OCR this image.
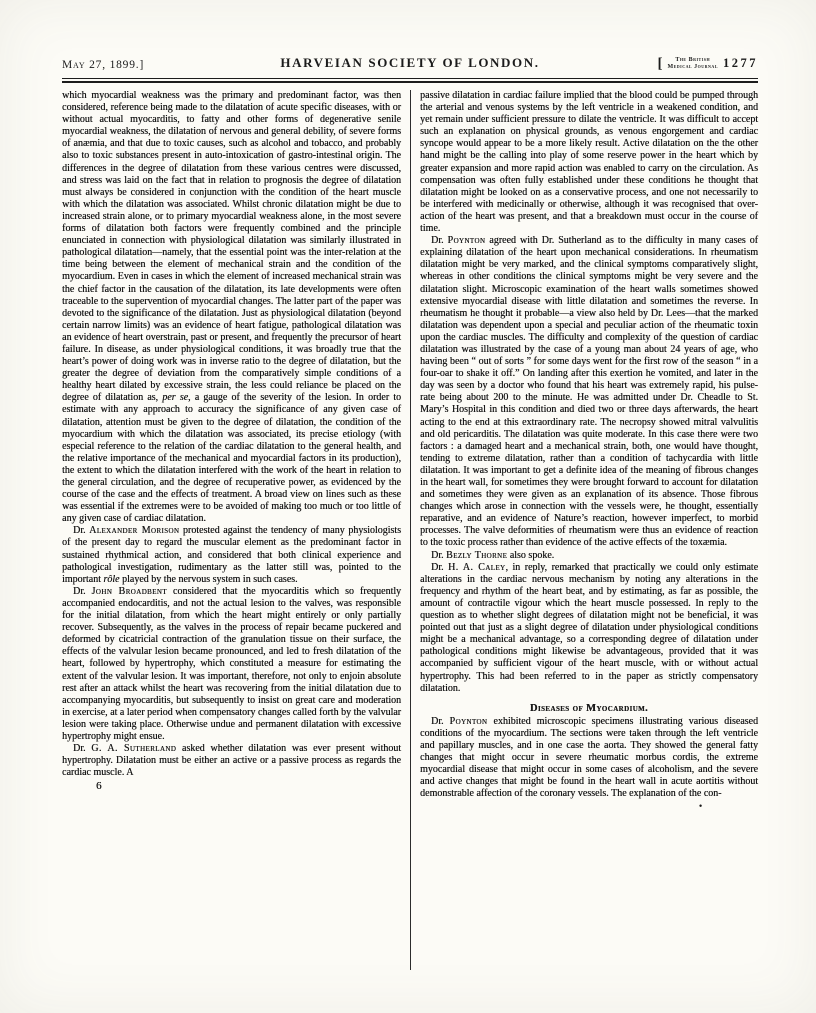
May 27, 1899.]	HARVEIAN SOCIETY OF LONDON.	[	The British
Medical Journal 1277

which myocardial weakness was the primary and predominant factor, was then considered, reference being made to the dilatation of acute specific diseases, with or without actual myocarditis, to fatty and other forms of degenerative senile myocardial weakness, the dilatation of nervous and general debility, of severe forms of anæmia, and that due to toxic causes, such as alcohol and tobacco, and probably also to toxic substances present in auto-intoxication of gastro-intestinal origin. The differences in the degree of dilatation from these various centres were discussed, and stress was laid on the fact that in relation to prognosis the degree of dilatation must always be considered in conjunction with the condition of the heart muscle with which the dilatation was associated. Whilst chronic dilatation might be due to increased strain alone, or to primary myocardial weakness alone, in the most severe forms of dilatation both factors were frequently combined and the principle enunciated in connection with physiological dilatation was similarly illustrated in pathological dilatation—namely, that the essential point was the inter-relation at the time being between the element of mechanical strain and the condition of the myocardium. Even in cases in which the element of increased mechanical strain was the chief factor in the causation of the dilatation, its late developments were often traceable to the supervention of myocardial changes. The latter part of the paper was devoted to the significance of the dilatation. Just as physiological dilatation (beyond certain narrow limits) was an evidence of heart fatigue, pathological dilatation was an evidence of heart overstrain, past or present, and frequently the precursor of heart failure. In disease, as under physiological conditions, it was broadly true that the heart’s power of doing work was in inverse ratio to the degree of dilatation, but the greater the degree of deviation from the comparatively simple conditions of a healthy heart dilated by excessive strain, the less could reliance be placed on the degree of dilatation as, per se, a gauge of the severity of the lesion. In order to estimate with any approach to accuracy the significance of any given case of dilatation, attention must be given to the degree of dilatation, the condition of the myocardium with which the dilatation was associated, its precise etiology (with especial reference to the relation of the cardiac dilatation to the general health, and the relative importance of the mechanical and myocardial factors in its production), the extent to which the dilatation interfered with the work of the heart in relation to the general circulation, and the degree of recuperative power, as evidenced by the course of the case and the effects of treatment. A broad view on lines such as these was essential if the extremes were to be avoided of making too much or too little of any given case of cardiac dilatation.

Dr. Alexander Morison protested against the tendency of many physiologists of the present day to regard the muscular element as the predominant factor in sustained rhythmical action, and considered that both clinical experience and pathological investigation, rudimentary as the latter still was, pointed to the important rôle played by the nervous system in such cases.

Dr. John Broadbent considered that the myocarditis which so frequently accompanied endocarditis, and not the actual lesion to the valves, was responsible for the initial dilatation, from which the heart might entirely or only partially recover. Subsequently, as the valves in the process of repair became puckered and deformed by cicatricial contraction of the granulation tissue on their surface, the effects of the valvular lesion became pronounced, and led to fresh dilatation of the heart, followed by hypertrophy, which constituted a measure for estimating the extent of the valvular lesion. It was important, therefore, not only to enjoin absolute rest after an attack whilst the heart was recovering from the initial dilatation due to accompanying myocarditis, but subsequently to insist on great care and moderation in exercise, at a later period when compensatory changes called forth by the valvular lesion were taking place. Otherwise undue and permanent dilatation with excessive hypertrophy might ensue.

Dr. G. A. Sutherland asked whether dilatation was ever present without hypertrophy. Dilatation must be either an active or a passive process as regards the cardiac muscle. A

6

passive dilatation in cardiac failure implied that the blood could be pumped through the arterial and venous systems by the left ventricle in a weakened condition, and yet remain under sufficient pressure to dilate the ventricle. It was difficult to accept such an explanation on physical grounds, as venous engorgement and cardiac syncope would appear to be a more likely result. Active dilatation on the the other hand might be the calling into play of some reserve power in the heart which by greater expansion and more rapid action was enabled to carry on the circulation. As compensation was often fully established under these conditions he thought that dilatation might be looked on as a conservative process, and one not necessarily to be interfered with medicinally or otherwise, although it was recognised that over-action of the heart was present, and that a breakdown must occur in the course of time.

Dr. Poynton agreed with Dr. Sutherland as to the difficulty in many cases of explaining dilatation of the heart upon mechanical considerations. In rheumatism dilatation might be very marked, and the clinical symptoms comparatively slight, whereas in other conditions the clinical symptoms might be very severe and the dilatation slight. Microscopic examination of the heart walls sometimes showed extensive myocardial disease with little dilatation and sometimes the reverse. In rheumatism he thought it probable—a view also held by Dr. Lees—that the marked dilatation was dependent upon a special and peculiar action of the rheumatic toxin upon the cardiac muscles. The difficulty and complexity of the question of cardiac dilatation was illustrated by the case of a young man about 24 years of age, who having been “ out of sorts ” for some days went for the first row of the season “ in a four-oar to shake it off.” On landing after this exertion he vomited, and later in the day was seen by a doctor who found that his heart was extremely rapid, his pulse-rate being about 200 to the minute. He was admitted under Dr. Cheadle to St. Mary’s Hospital in this condition and died two or three days afterwards, the heart acting to the end at this extraordinary rate. The necropsy showed mitral valvulitis and old pericarditis. The dilatation was quite moderate. In this case there were two factors : a damaged heart and a mechanical strain, both, one would have thought, tending to extreme dilatation, rather than a condition of tachycardia with little dilatation. It was important to get a definite idea of the meaning of fibrous changes in the heart wall, for sometimes they were brought forward to account for dilatation and sometimes they were given as an explanation of its absence. Those fibrous changes which arose in connection with the vessels were, he thought, essentially reparative, and an evidence of Nature’s reaction, however imperfect, to morbid processes. The valve deformities of rheumatism were thus an evidence of reaction to the toxic process rather than evidence of the active effects of the toxæmia.

Dr. Bezly Thorne also spoke.

Dr. H. A. Caley, in reply, remarked that practically we could only estimate alterations in the cardiac nervous mechanism by noting any alterations in the frequency and rhythm of the heart beat, and by estimating, as far as possible, the amount of contractile vigour which the heart muscle possessed. In reply to the question as to whether slight degrees of dilatation might not be beneficial, it was pointed out that just as a slight degree of dilatation under physiological conditions might be a mechanical advantage, so a corresponding degree of dilatation under pathological conditions might likewise be advantageous, provided that it was accompanied by sufficient vigour of the heart muscle, with or without actual hypertrophy. This had been referred to in the paper as strictly compensatory dilatation.

Diseases of Myocardium.

Dr. Poynton exhibited microscopic specimens illustrating various diseased conditions of the myocardium. The sections were taken through the left ventricle and papillary muscles, and in one case the aorta. They showed the general fatty changes that might occur in severe rheumatic morbus cordis, the extreme myocardial disease that might occur in some cases of alcoholism, and the severe and active changes that might be found in the heart wall in acute aortitis without demonstrable affection of the coronary vessels. The explanation of the con-

•
